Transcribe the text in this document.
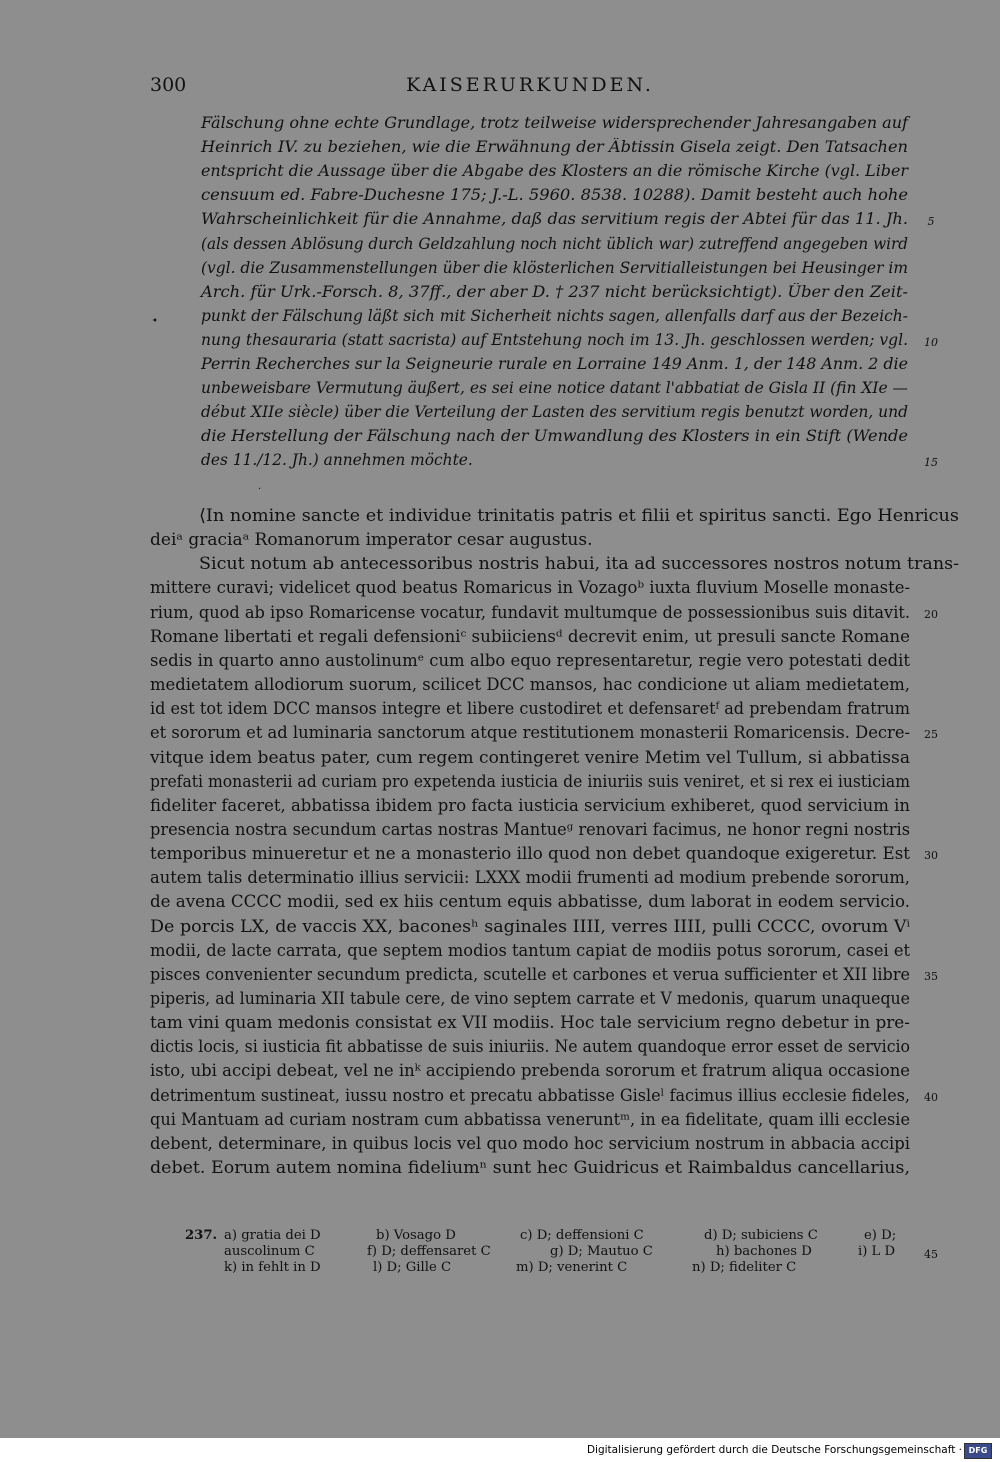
300	KAISERURKUNDEN.
Fälschung ohne echte Grundlage, trotz teilweise widersprechender Jahresangaben auf
Heinrich IV. zu beziehen, wie die Erwähnung der Äbtissin Gisela zeigt. Den Tatsachen
entspricht die Aussage über die Abgabe des Klosters an die römische Kirche (vgl. Liber
censuum ed. Fabre-Duchesne 175; J.-L. 5960. 8538. 10288). Damit besteht auch hohe
Wahrscheinlichkeit für die Annahme, daß das servitium regis der Abtei für das 11. Jh.	5
(als dessen Ablösung durch Geldzahlung noch nicht üblich war) zutreffend angegeben wird
(vgl. die Zusammenstellungen über die klösterlichen Servitialleistungen bei Heusinger im
Arch. für Urk.-Forsch. 8, 37ff., der aber D. † 237 nicht berücksichtigt). Über den Zeit-
punkt der Fälschung läßt sich mit Sicherheit nichts sagen, allenfalls darf aus der Bezeich-
nung thesauraria (statt sacrista) auf Entstehung noch im 13. Jh. geschlossen werden; vgl.	10
Perrin Recherches sur la Seigneurie rurale en Lorraine 149 Anm. 1, der 148 Anm. 2 die
unbeweisbare Vermutung äußert, es sei eine notice datant l'abbatiat de Gisla II (fin XIe —
début XIIe siècle) über die Verteilung der Lasten des servitium regis benutzt worden, und
die Herstellung der Fälschung nach der Umwandlung des Klosters in ein Stift (Wende
des 11./12. Jh.) annehmen möchte.	15
•
·
⟨In nomine sancte et individue trinitatis patris et filii et spiritus sancti. Ego Henricus
deiᵃ graciaᵃ Romanorum imperator cesar augustus.
Sicut notum ab antecessoribus nostris habui, ita ad successores nostros notum trans-
mittere curavi; videlicet quod beatus Romaricus in Vozagoᵇ iuxta fluvium Moselle monaste-
rium, quod ab ipso Romaricense vocatur, fundavit multumque de possessionibus suis ditavit.	20
Romane libertati et regali defensioniᶜ subiiciensᵈ decrevit enim, ut presuli sancte Romane
sedis in quarto anno austolinumᵉ cum albo equo representaretur, regie vero potestati dedit
medietatem allodiorum suorum, scilicet DCC mansos, hac condicione ut aliam medietatem,
id est tot idem DCC mansos integre et libere custodiret et defensaretᶠ ad prebendam fratrum
et sororum et ad luminaria sanctorum atque restitutionem monasterii Romaricensis. Decre-	25
vitque idem beatus pater, cum regem contingeret venire Metim vel Tullum, si abbatissa
prefati monasterii ad curiam pro expetenda iusticia de iniuriis suis veniret, et si rex ei iusticiam
fideliter faceret, abbatissa ibidem pro facta iusticia servicium exhiberet, quod servicium in
presencia nostra secundum cartas nostras Mantueᵍ renovari facimus, ne honor regni nostris
temporibus minueretur et ne a monasterio illo quod non debet quandoque exigeretur. Est	30
autem talis determinatio illius servicii: LXXX modii frumenti ad modium prebende sororum,
de avena CCCC modii, sed ex hiis centum equis abbatisse, dum laborat in eodem servicio.
De porcis LX, de vaccis XX, baconesʰ saginales IIII, verres IIII, pulli CCCC, ovorum Vⁱ
modii, de lacte carrata, que septem modios tantum capiat de modiis potus sororum, casei et
pisces convenienter secundum predicta, scutelle et carbones et verua sufficienter et XII libre	35
piperis, ad luminaria XII tabule cere, de vino septem carrate et V medonis, quarum unaqueque
tam vini quam medonis consistat ex VII modiis. Hoc tale servicium regno debetur in pre-
dictis locis, si iusticia fit abbatisse de suis iniuriis. Ne autem quandoque error esset de servicio
isto, ubi accipi debeat, vel ne inᵏ accipiendo prebenda sororum et fratrum aliqua occasione
detrimentum sustineat, iussu nostro et precatu abbatisse Gisleˡ facimus illius ecclesie fideles,	40
qui Mantuam ad curiam nostram cum abbatissa veneruntᵐ, in ea fidelitate, quam illi ecclesie
debent, determinare, in quibus locis vel quo modo hoc servicium nostrum in abbacia accipi
debet. Eorum autem nomina fideliumⁿ sunt hec Guidricus et Raimbaldus cancellarius,
237. a) gratia dei D	b) Vosago D	c) D; deffensioni C	d) D; subiciens C	e) D;
auscolinum C	f) D; deffensaret C	g) D; Mautuo C	h) bachones D	i) L D	45
k) in fehlt in D	l) D; Gille C	m) D; venerint C	n) D; fideliter C
Digitalisierung gefördert durch die Deutsche Forschungsgemeinschaft · DFG
